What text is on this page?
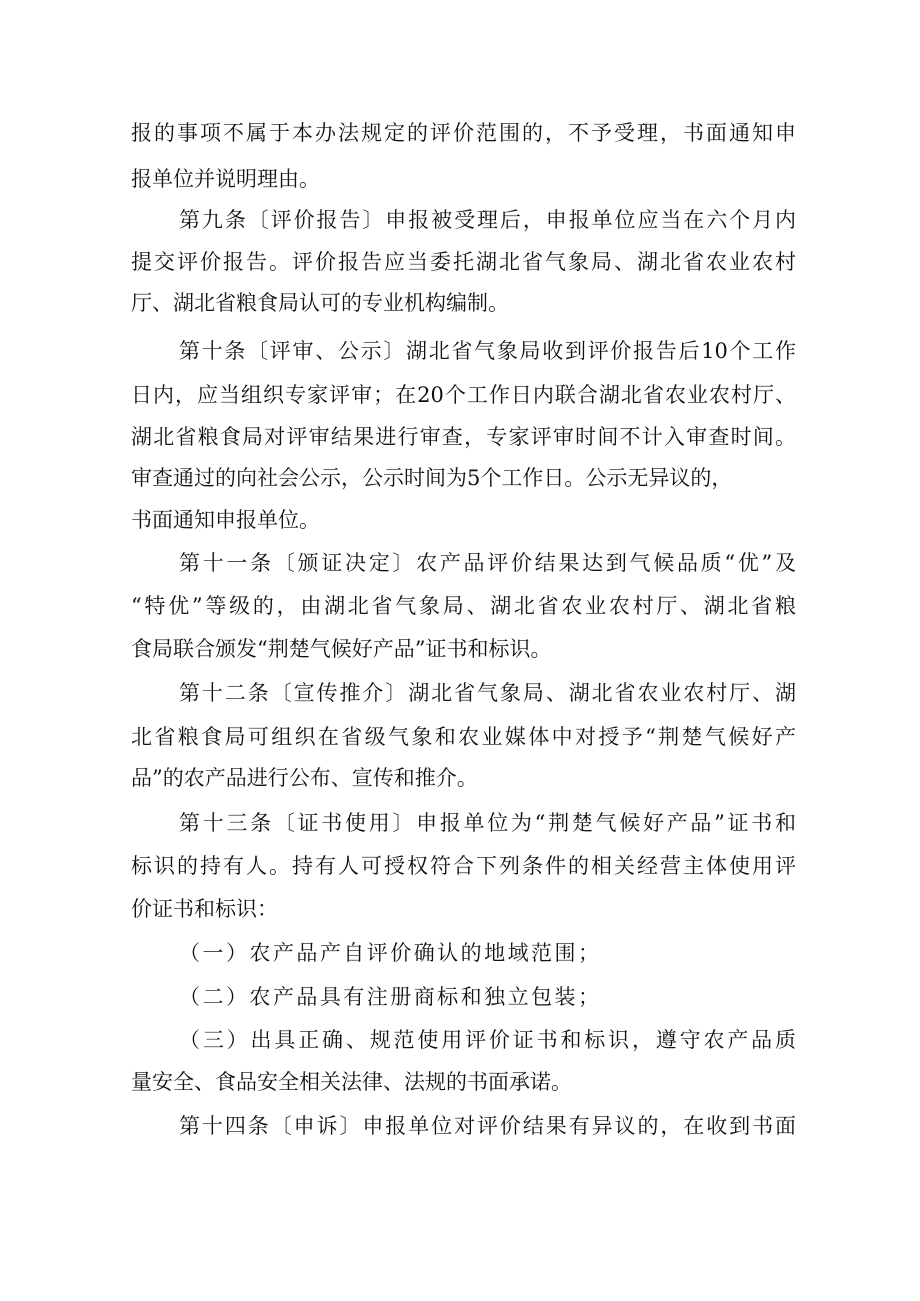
报的事项不属于本办法规定的评价范围的，不予受理，书面通知申
报单位并说明理由。
第九条〔评价报告〕申报被受理后，申报单位应当在六个月内
提交评价报告。评价报告应当委托湖北省气象局、湖北省农业农村
厅、湖北省粮食局认可的专业机构编制。
第十条〔评审、公示〕湖北省气象局收到评价报告后10个工作
日内，应当组织专家评审；在20个工作日内联合湖北省农业农村厅、
湖北省粮食局对评审结果进行审查，专家评审时间不计入审查时间。
审查通过的向社会公示，公示时间为5个工作日。公示无异议的，
书面通知申报单位。
第十一条〔颁证决定〕农产品评价结果达到气候品质“优”及
“特优”等级的，由湖北省气象局、湖北省农业农村厅、湖北省粮
食局联合颁发“荆楚气候好产品”证书和标识。
第十二条〔宣传推介〕湖北省气象局、湖北省农业农村厅、湖
北省粮食局可组织在省级气象和农业媒体中对授予“荆楚气候好产
品”的农产品进行公布、宣传和推介。
第十三条〔证书使用〕申报单位为“荆楚气候好产品”证书和
标识的持有人。持有人可授权符合下列条件的相关经营主体使用评
价证书和标识：
（一）农产品产自评价确认的地域范围；
（二）农产品具有注册商标和独立包装；
（三）出具正确、规范使用评价证书和标识，遵守农产品质
量安全、食品安全相关法律、法规的书面承诺。
第十四条〔申诉〕申报单位对评价结果有异议的，在收到书面
